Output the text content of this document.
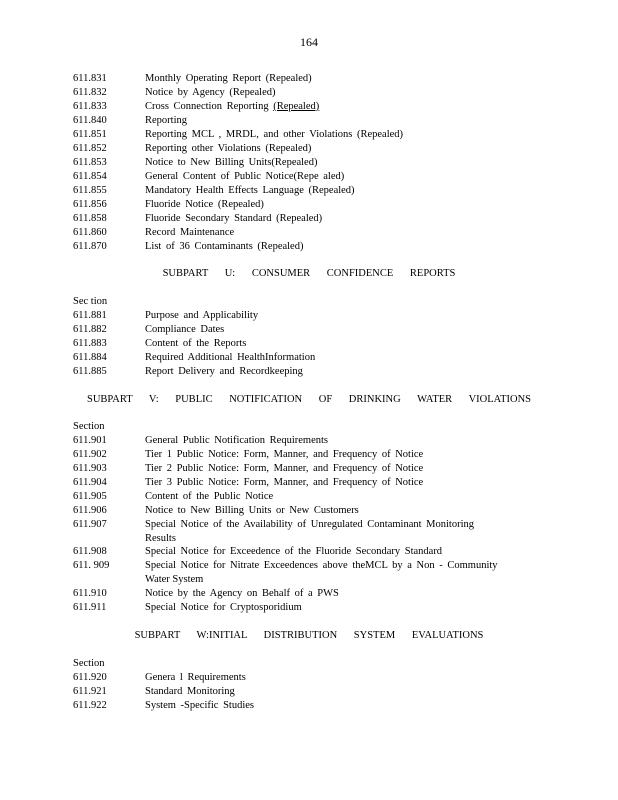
164
611.831	Monthly Operating Report (Repealed)
611.832	Notice by Agency (Repealed)
611.833	Cross Connection Reporting (Repealed)
611.840	Reporting
611.851	Reporting MCL , MRDL, and other Violations (Repealed)
611.852	Reporting other Violations (Repealed)
611.853	Notice to New Billing Units(Repealed)
611.854	General Content of Public Notice(Repe aled)
611.855	Mandatory Health Effects Language (Repealed)
611.856	Fluoride Notice (Repealed)
611.858	Fluoride Secondary Standard (Repealed)
611.860	Record Maintenance
611.870	List of 36 Contaminants (Repealed)
SUBPART U: CONSUMER CONFIDENCE REPORTS
Sec tion
611.881	Purpose and Applicability
611.882	Compliance Dates
611.883	Content of the Reports
611.884	Required Additional HealthInformation
611.885	Report Delivery and Recordkeeping
SUBPART V: PUBLIC NOTIFICATION OF DRINKING WATER VIOLATIONS
Section
611.901	General Public Notification Requirements
611.902	Tier 1 Public Notice: Form, Manner, and Frequency of Notice
611.903	Tier 2 Public Notice: Form, Manner, and Frequency of Notice
611.904	Tier 3 Public Notice: Form, Manner, and Frequency of Notice
611.905	Content of the Public Notice
611.906	Notice to New Billing Units or New Customers
611.907	Special Notice of the Availability of Unregulated Contaminant Monitoring
Results
611.908	Special Notice for Exceedence of the Fluoride Secondary Standard
611. 909	Special Notice for Nitrate Exceedences above theMCL by a Non - Community
Water System
611.910	Notice by the Agency on Behalf of a PWS
611.911	Special Notice for Cryptosporidium
SUBPART W:INITIAL DISTRIBUTION SYSTEM EVALUATIONS
Section
611.920	Genera l Requirements
611.921	Standard Monitoring
611.922	System -Specific Studies
